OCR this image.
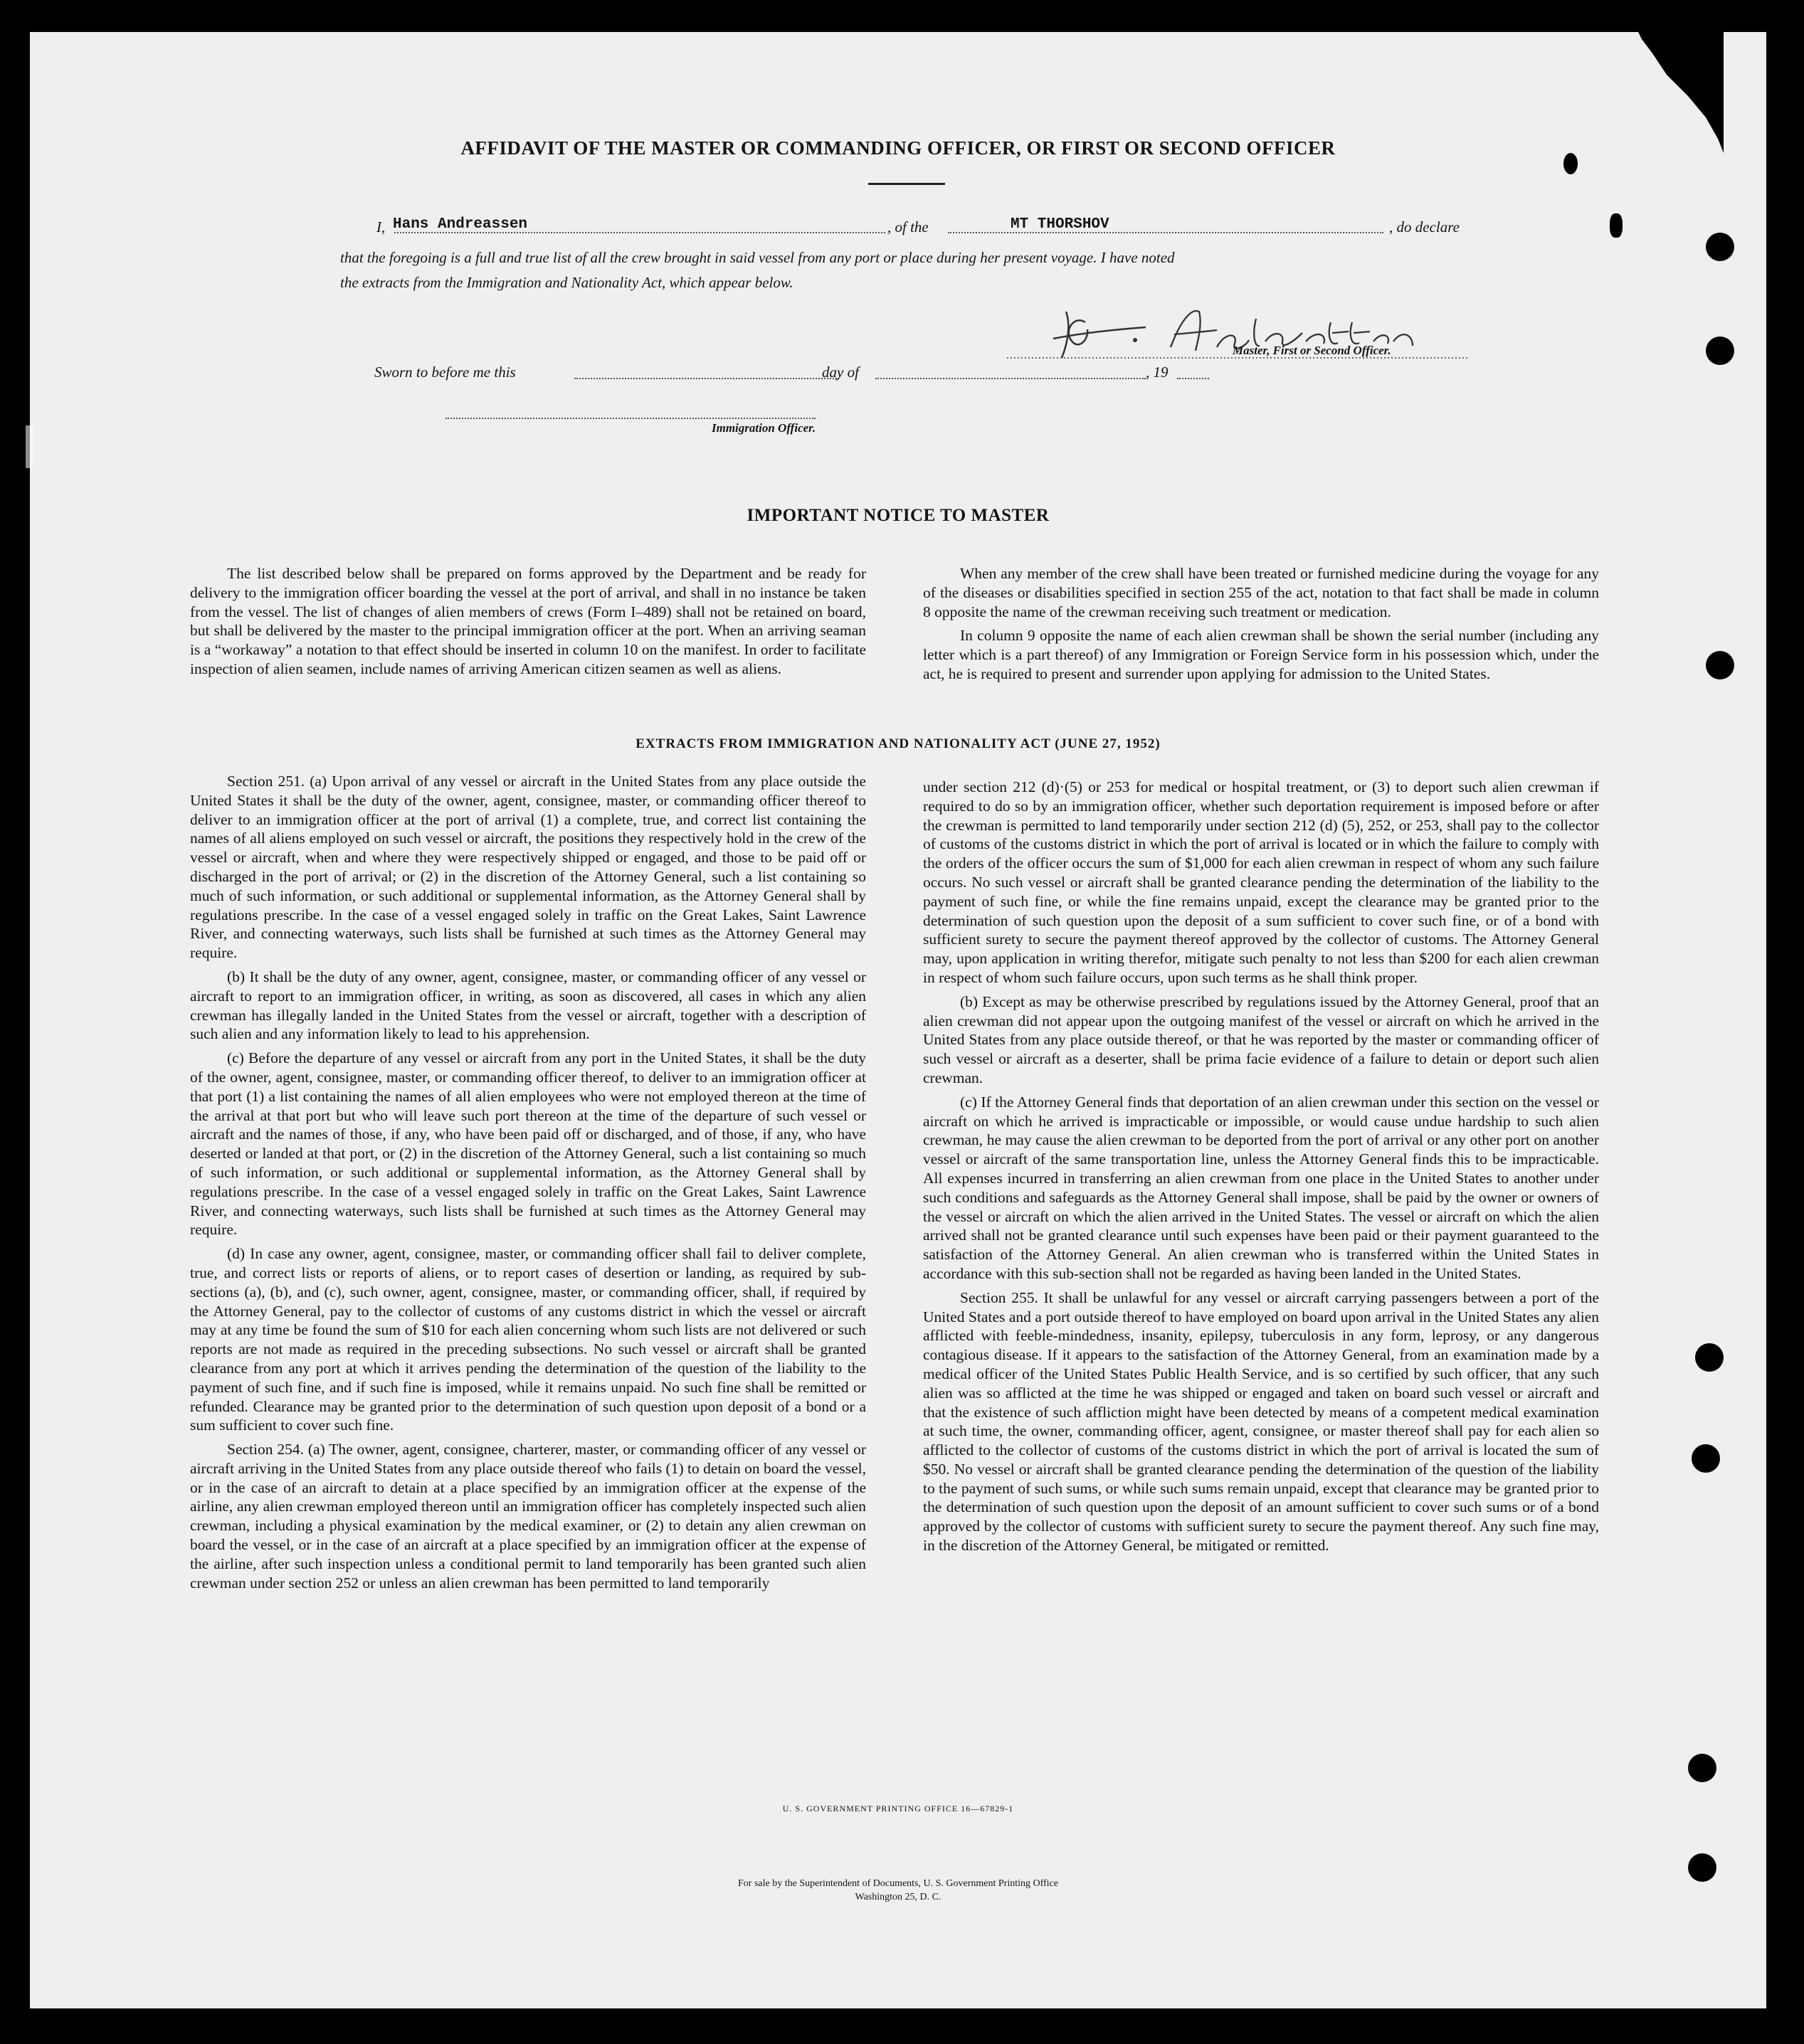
AFFIDAVIT OF THE MASTER OR COMMANDING OFFICER, OR FIRST OR SECOND OFFICER
I, Hans Andreassen	, of the	MT THORSHOV	, do declare
that the foregoing is a full and true list of all the crew brought in said vessel from any port or place during her present voyage. I have noted
the extracts from the Immigration and Nationality Act, which appear below.
Master, First or Second Officer.
Sworn to before me this	day of	, 19
Immigration Officer.
IMPORTANT NOTICE TO MASTER

The list described below shall be prepared on forms approved by the Department and be ready for delivery to the immigration officer boarding the vessel at the port of arrival, and shall in no instance be taken from the vessel. The list of changes of alien members of crews (Form I–489) shall not be retained on board, but shall be delivered by the master to the principal immigration officer at the port. When an arriving seaman is a “workaway” a notation to that effect should be inserted in column 10 on the manifest. In order to facilitate inspection of alien seamen, include names of arriving American citizen seamen as well as aliens.

When any member of the crew shall have been treated or furnished medicine during the voyage for any of the diseases or disabilities specified in section 255 of the act, notation to that fact shall be made in column 8 opposite the name of the crewman receiving such treatment or medication.

In column 9 opposite the name of each alien crewman shall be shown the serial number (including any letter which is a part thereof) of any Immigration or Foreign Service form in his possession which, under the act, he is required to present and surrender upon applying for admission to the United States.

EXTRACTS FROM IMMIGRATION AND NATIONALITY ACT (JUNE 27, 1952)

Section 251. (a) Upon arrival of any vessel or aircraft in the United States from any place outside the United States it shall be the duty of the owner, agent, consignee, master, or commanding officer thereof to deliver to an immigration officer at the port of arrival (1) a complete, true, and correct list containing the names of all aliens employed on such vessel or aircraft, the positions they respectively hold in the crew of the vessel or aircraft, when and where they were respectively shipped or engaged, and those to be paid off or discharged in the port of arrival; or (2) in the discretion of the Attorney General, such a list containing so much of such information, or such additional or supplemental information, as the Attorney General shall by regulations prescribe. In the case of a vessel engaged solely in traffic on the Great Lakes, Saint Lawrence River, and connecting waterways, such lists shall be furnished at such times as the Attorney General may require.

(b) It shall be the duty of any owner, agent, consignee, master, or commanding officer of any vessel or aircraft to report to an immigration officer, in writing, as soon as discovered, all cases in which any alien crewman has illegally landed in the United States from the vessel or aircraft, together with a description of such alien and any information likely to lead to his apprehension.

(c) Before the departure of any vessel or aircraft from any port in the United States, it shall be the duty of the owner, agent, consignee, master, or commanding officer thereof, to deliver to an immigration officer at that port (1) a list containing the names of all alien employees who were not employed thereon at the time of the arrival at that port but who will leave such port thereon at the time of the departure of such vessel or aircraft and the names of those, if any, who have been paid off or discharged, and of those, if any, who have deserted or landed at that port, or (2) in the discretion of the Attorney General, such a list containing so much of such information, or such additional or supplemental information, as the Attorney General shall by regulations prescribe. In the case of a vessel engaged solely in traffic on the Great Lakes, Saint Lawrence River, and connecting waterways, such lists shall be furnished at such times as the Attorney General may require.

(d) In case any owner, agent, consignee, master, or commanding officer shall fail to deliver complete, true, and correct lists or reports of aliens, or to report cases of desertion or landing, as required by sub-sections (a), (b), and (c), such owner, agent, consignee, master, or commanding officer, shall, if required by the Attorney General, pay to the collector of customs of any customs district in which the vessel or aircraft may at any time be found the sum of $10 for each alien concerning whom such lists are not delivered or such reports are not made as required in the preceding subsections. No such vessel or aircraft shall be granted clearance from any port at which it arrives pending the determination of the question of the liability to the payment of such fine, and if such fine is imposed, while it remains unpaid. No such fine shall be remitted or refunded. Clearance may be granted prior to the determination of such question upon deposit of a bond or a sum sufficient to cover such fine.

Section 254. (a) The owner, agent, consignee, charterer, master, or commanding officer of any vessel or aircraft arriving in the United States from any place outside thereof who fails (1) to detain on board the vessel, or in the case of an aircraft to detain at a place specified by an immigration officer at the expense of the airline, any alien crewman employed thereon until an immigration officer has completely inspected such alien crewman, including a physical examination by the medical examiner, or (2) to detain any alien crewman on board the vessel, or in the case of an aircraft at a place specified by an immigration officer at the expense of the airline, after such inspection unless a conditional permit to land temporarily has been granted such alien crewman under section 252 or unless an alien crewman has been permitted to land temporarily

under section 212 (d)·(5) or 253 for medical or hospital treatment, or (3) to deport such alien crewman if required to do so by an immigration officer, whether such deportation requirement is imposed before or after the crewman is permitted to land temporarily under section 212 (d) (5), 252, or 253, shall pay to the collector of customs of the customs district in which the port of arrival is located or in which the failure to comply with the orders of the officer occurs the sum of $1,000 for each alien crewman in respect of whom any such failure occurs. No such vessel or aircraft shall be granted clearance pending the determination of the liability to the payment of such fine, or while the fine remains unpaid, except the clearance may be granted prior to the determination of such question upon the deposit of a sum sufficient to cover such fine, or of a bond with sufficient surety to secure the payment thereof approved by the collector of customs. The Attorney General may, upon application in writing therefor, mitigate such penalty to not less than $200 for each alien crewman in respect of whom such failure occurs, upon such terms as he shall think proper.

(b) Except as may be otherwise prescribed by regulations issued by the Attorney General, proof that an alien crewman did not appear upon the outgoing manifest of the vessel or aircraft on which he arrived in the United States from any place outside thereof, or that he was reported by the master or commanding officer of such vessel or aircraft as a deserter, shall be prima facie evidence of a failure to detain or deport such alien crewman.

(c) If the Attorney General finds that deportation of an alien crewman under this section on the vessel or aircraft on which he arrived is impracticable or impossible, or would cause undue hardship to such alien crewman, he may cause the alien crewman to be deported from the port of arrival or any other port on another vessel or aircraft of the same transportation line, unless the Attorney General finds this to be impracticable. All expenses incurred in transferring an alien crewman from one place in the United States to another under such conditions and safeguards as the Attorney General shall impose, shall be paid by the owner or owners of the vessel or aircraft on which the alien arrived in the United States. The vessel or aircraft on which the alien arrived shall not be granted clearance until such expenses have been paid or their payment guaranteed to the satisfaction of the Attorney General. An alien crewman who is transferred within the United States in accordance with this sub-section shall not be regarded as having been landed in the United States.

Section 255. It shall be unlawful for any vessel or aircraft carrying passengers between a port of the United States and a port outside thereof to have employed on board upon arrival in the United States any alien afflicted with feeble-mindedness, insanity, epilepsy, tuberculosis in any form, leprosy, or any dangerous contagious disease. If it appears to the satisfaction of the Attorney General, from an examination made by a medical officer of the United States Public Health Service, and is so certified by such officer, that any such alien was so afflicted at the time he was shipped or engaged and taken on board such vessel or aircraft and that the existence of such affliction might have been detected by means of a competent medical examination at such time, the owner, commanding officer, agent, consignee, or master thereof shall pay for each alien so afflicted to the collector of customs of the customs district in which the port of arrival is located the sum of $50. No vessel or aircraft shall be granted clearance pending the determination of the question of the liability to the payment of such sums, or while such sums remain unpaid, except that clearance may be granted prior to the determination of such question upon the deposit of an amount sufficient to cover such sums or of a bond approved by the collector of customs with sufficient surety to secure the payment thereof. Any such fine may, in the discretion of the Attorney General, be mitigated or remitted.

U. S. GOVERNMENT PRINTING OFFICE 16—67829-1
For sale by the Superintendent of Documents, U. S. Government Printing Office
Washington 25, D. C.
